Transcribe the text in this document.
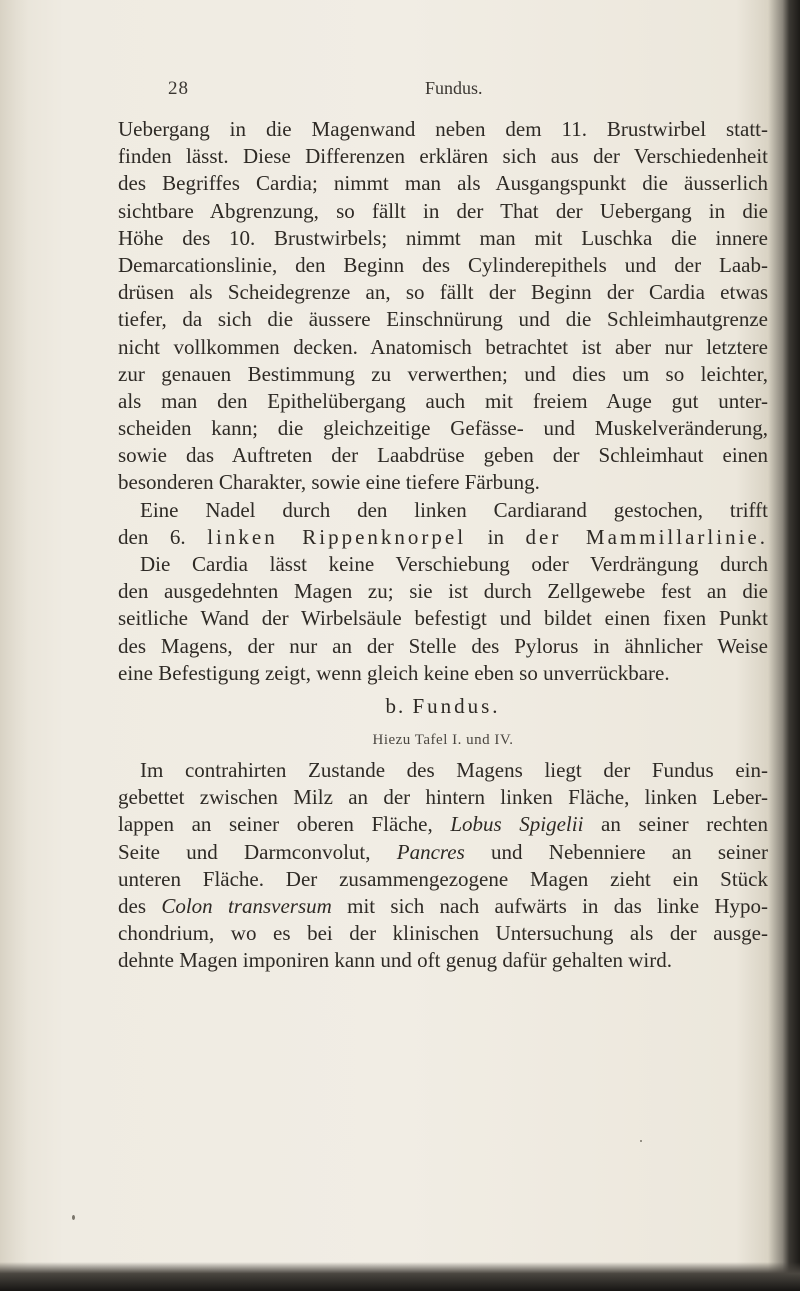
28	Fundus.
Uebergang in die Magenwand neben dem 11. Brustwirbel statt-
finden lässt. Diese Differenzen erklären sich aus der Verschiedenheit
des Begriffes Cardia; nimmt man als Ausgangspunkt die äusserlich
sichtbare Abgrenzung, so fällt in der That der Uebergang in die
Höhe des 10. Brustwirbels; nimmt man mit Luschka die innere
Demarcationslinie, den Beginn des Cylinderepithels und der Laab-
drüsen als Scheidegrenze an, so fällt der Beginn der Cardia etwas
tiefer, da sich die äussere Einschnürung und die Schleimhautgrenze
nicht vollkommen decken. Anatomisch betrachtet ist aber nur letztere
zur genauen Bestimmung zu verwerthen; und dies um so leichter,
als man den Epithelübergang auch mit freiem Auge gut unter-
scheiden kann; die gleichzeitige Gefässe- und Muskelveränderung,
sowie das Auftreten der Laabdrüse geben der Schleimhaut einen
besonderen Charakter, sowie eine tiefere Färbung.
Eine Nadel durch den linken Cardiarand gestochen, trifft
den 6. linken Rippenknorpel in der Mammillarlinie.
Die Cardia lässt keine Verschiebung oder Verdrängung durch
den ausgedehnten Magen zu; sie ist durch Zellgewebe fest an die
seitliche Wand der Wirbelsäule befestigt und bildet einen fixen Punkt
des Magens, der nur an der Stelle des Pylorus in ähnlicher Weise
eine Befestigung zeigt, wenn gleich keine eben so unverrückbare.
b. Fundus.
Hiezu Tafel I. und IV.
Im contrahirten Zustande des Magens liegt der Fundus ein-
gebettet zwischen Milz an der hintern linken Fläche, linken Leber-
lappen an seiner oberen Fläche, Lobus Spigelii an seiner rechten
Seite und Darmconvolut, Pancres und Nebenniere an seiner
unteren Fläche. Der zusammengezogene Magen zieht ein Stück
des Colon transversum mit sich nach aufwärts in das linke Hypo-
chondrium, wo es bei der klinischen Untersuchung als der ausge-
dehnte Magen imponiren kann und oft genug dafür gehalten wird.
